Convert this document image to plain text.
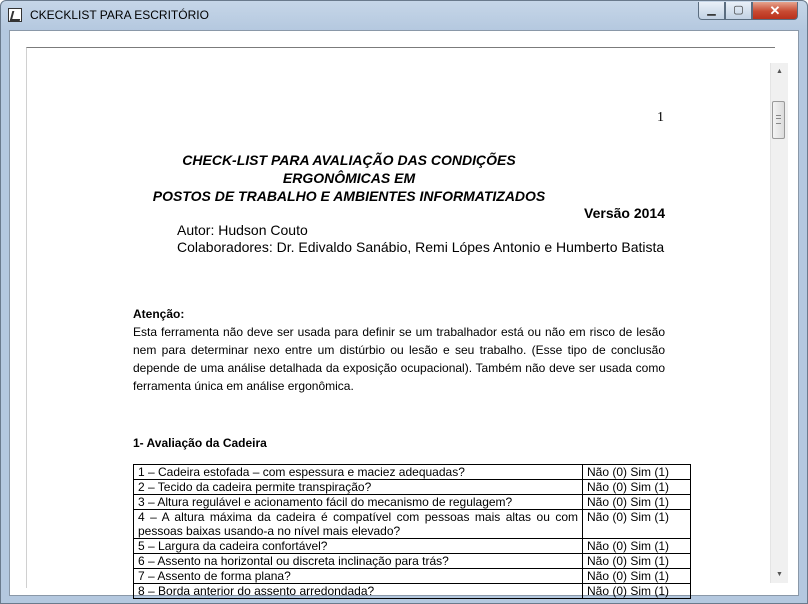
CKECKLIST PARA ESCRITÓRIO	▁	▢	✕
1
CHECK-LIST PARA AVALIAÇÃO DAS CONDIÇÕES ERGONÔMICAS EM
POSTOS DE TRABALHO E AMBIENTES INFORMATIZADOS
Versão 2014
Autor: Hudson Couto
Colaboradores: Dr. Edivaldo Sanábio, Remi Lópes Antonio e Humberto Batista
Atenção:
Esta ferramenta não deve ser usada para definir se um trabalhador está ou não em risco de lesão nem para determinar nexo entre um distúrbio ou lesão e seu trabalho. (Esse tipo de conclusão depende de uma análise detalhada da exposição ocupacional). Também não deve ser usada como ferramenta única em análise ergonômica.
1- Avaliação da Cadeira
1 – Cadeira estofada – com espessura e maciez adequadas?	Não (0) Sim (1)
2 – Tecido da cadeira permite transpiração?	Não (0) Sim (1)
3 – Altura regulável e acionamento fácil do mecanismo de regulagem?	Não (0) Sim (1)
4 – A altura máxima da cadeira é compatível com pessoas mais altas ou com pessoas baixas usando-a no nível mais elevado?	Não (0) Sim (1)
5 – Largura da cadeira confortável?	Não (0) Sim (1)
6 – Assento na horizontal ou discreta inclinação para trás?	Não (0) Sim (1)
7 – Assento de forma plana?	Não (0) Sim (1)
8 – Borda anterior do assento arredondada?	Não (0) Sim (1)
▲
▼
